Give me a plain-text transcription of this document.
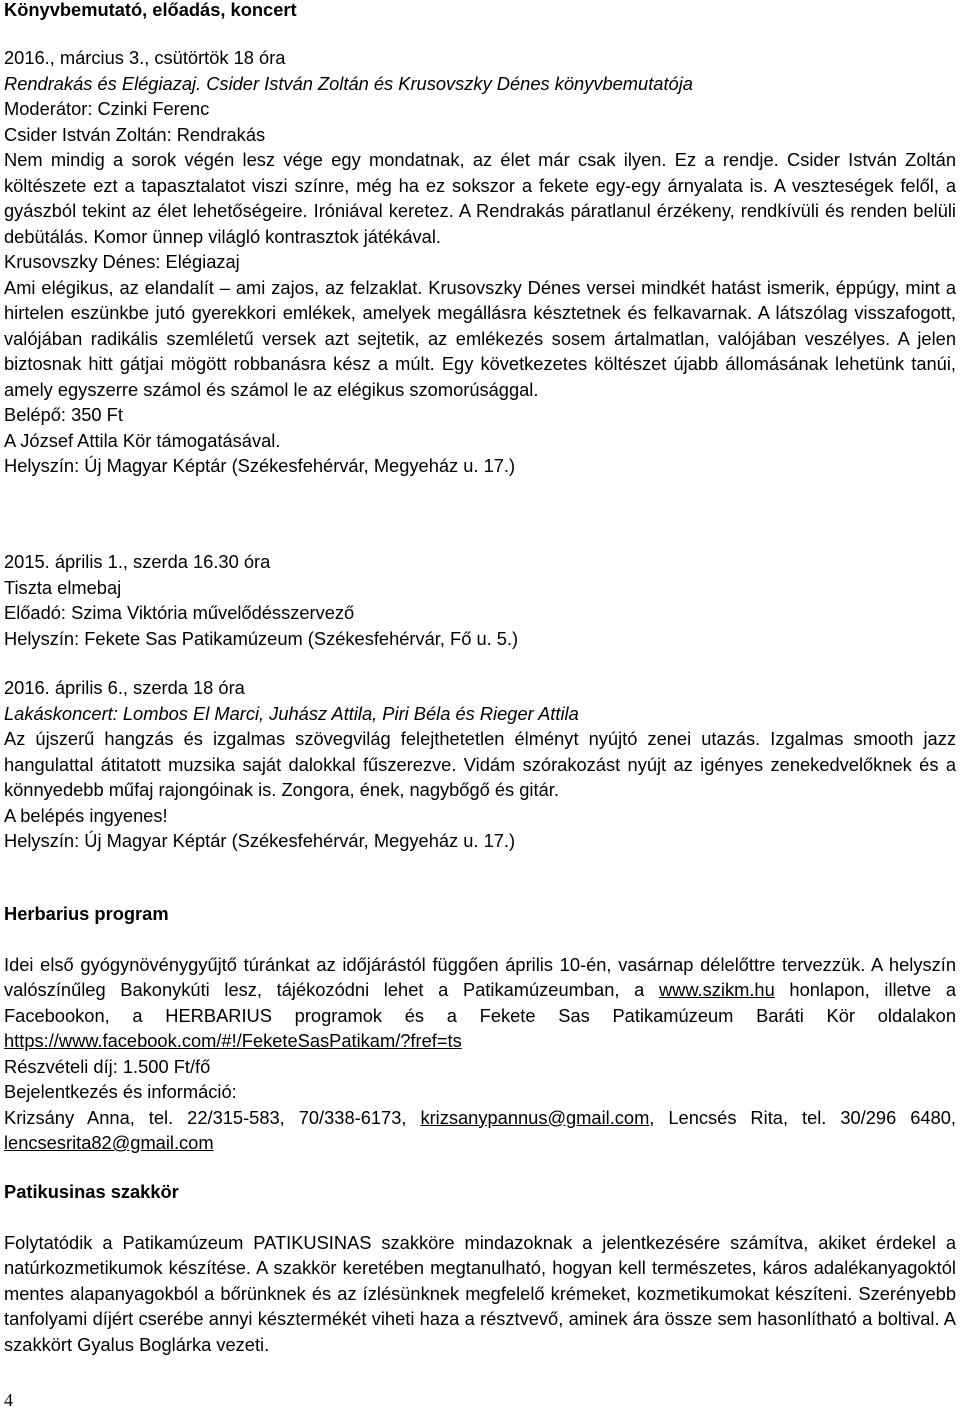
Könyvbemutató, előadás, koncert

2016., március 3., csütörtök 18 óra

Rendrakás és Elégiazaj. Csider István Zoltán és Krusovszky Dénes könyvbemutatója

Moderátor: Czinki Ferenc

Csider István Zoltán: Rendrakás

Nem mindig a sorok végén lesz vége egy mondatnak, az élet már csak ilyen. Ez a rendje. Csider István Zoltán költészete ezt a tapasztalatot viszi színre, még ha ez sokszor a fekete egy-egy árnyalata is. A veszteségek felől, a gyászból tekint az élet lehetőségeire. Iróniával keretez. A Rendrakás páratlanul érzékeny, rendkívüli és renden belüli debütálás. Komor ünnep világló kontrasztok játékával.

Krusovszky Dénes: Elégiazaj

Ami elégikus, az elandalít – ami zajos, az felzaklat. Krusovszky Dénes versei mindkét hatást ismerik, éppúgy, mint a hirtelen eszünkbe jutó gyerekkori emlékek, amelyek megállásra késztetnek és felkavarnak. A látszólag visszafogott, valójában radikális szemléletű versek azt sejtetik, az emlékezés sosem ártalmatlan, valójában veszélyes. A jelen biztosnak hitt gátjai mögött robbanásra kész a múlt. Egy következetes költészet újabb állomásának lehetünk tanúi, amely egyszerre számol és számol le az elégikus szomorúsággal.

Belépő: 350 Ft

A József Attila Kör támogatásával.

Helyszín: Új Magyar Képtár (Székesfehérvár, Megyeház u. 17.)

2015. április 1., szerda 16.30 óra

Tiszta elmebaj

Előadó: Szima Viktória művelődésszervező

Helyszín: Fekete Sas Patikamúzeum (Székesfehérvár, Fő u. 5.)

2016. április 6., szerda 18 óra

Lakáskoncert: Lombos El Marci, Juhász Attila, Piri Béla és Rieger Attila

Az újszerű hangzás és izgalmas szövegvilág felejthetetlen élményt nyújtó zenei utazás. Izgalmas smooth jazz hangulattal átitatott muzsika saját dalokkal fűszerezve. Vidám szórakozást nyújt az igényes zenekedvelőknek és a könnyedebb műfaj rajongóinak is. Zongora, ének, nagybőgő és gitár.

A belépés ingyenes!

Helyszín: Új Magyar Képtár (Székesfehérvár, Megyeház u. 17.)

Herbarius program

Idei első gyógynövénygyűjtő túránkat az időjárástól függően április 10-én, vasárnap délelőttre tervezzük. A helyszín valószínűleg Bakonykúti lesz, tájékozódni lehet a Patikamúzeumban, a www.szikm.hu honlapon, illetve a Facebookon, a HERBARIUS programok és a Fekete Sas Patikamúzeum Baráti Kör oldalakon https://www.facebook.com/#!/FeketeSasPatikam/?fref=ts

Részvételi díj: 1.500 Ft/fő

Bejelentkezés és információ:

Krizsány Anna, tel. 22/315-583, 70/338-6173, krizsanypannus@gmail.com, Lencsés Rita, tel. 30/296 6480, lencsesrita82@gmail.com

Patikusinas szakkör

Folytatódik a Patikamúzeum PATIKUSINAS szakköre mindazoknak a jelentkezésére számítva, akiket érdekel a natúrkozmetikumok készítése. A szakkör keretében megtanulható, hogyan kell természetes, káros adalékanyagoktól mentes alapanyagokból a bőrünknek és az ízlésünknek megfelelő krémeket, kozmetikumokat készíteni. Szerényebb tanfolyami díjért cserébe annyi késztermékét viheti haza a résztvevő, aminek ára össze sem hasonlítható a boltival. A szakkört Gyalus Boglárka vezeti.

4
